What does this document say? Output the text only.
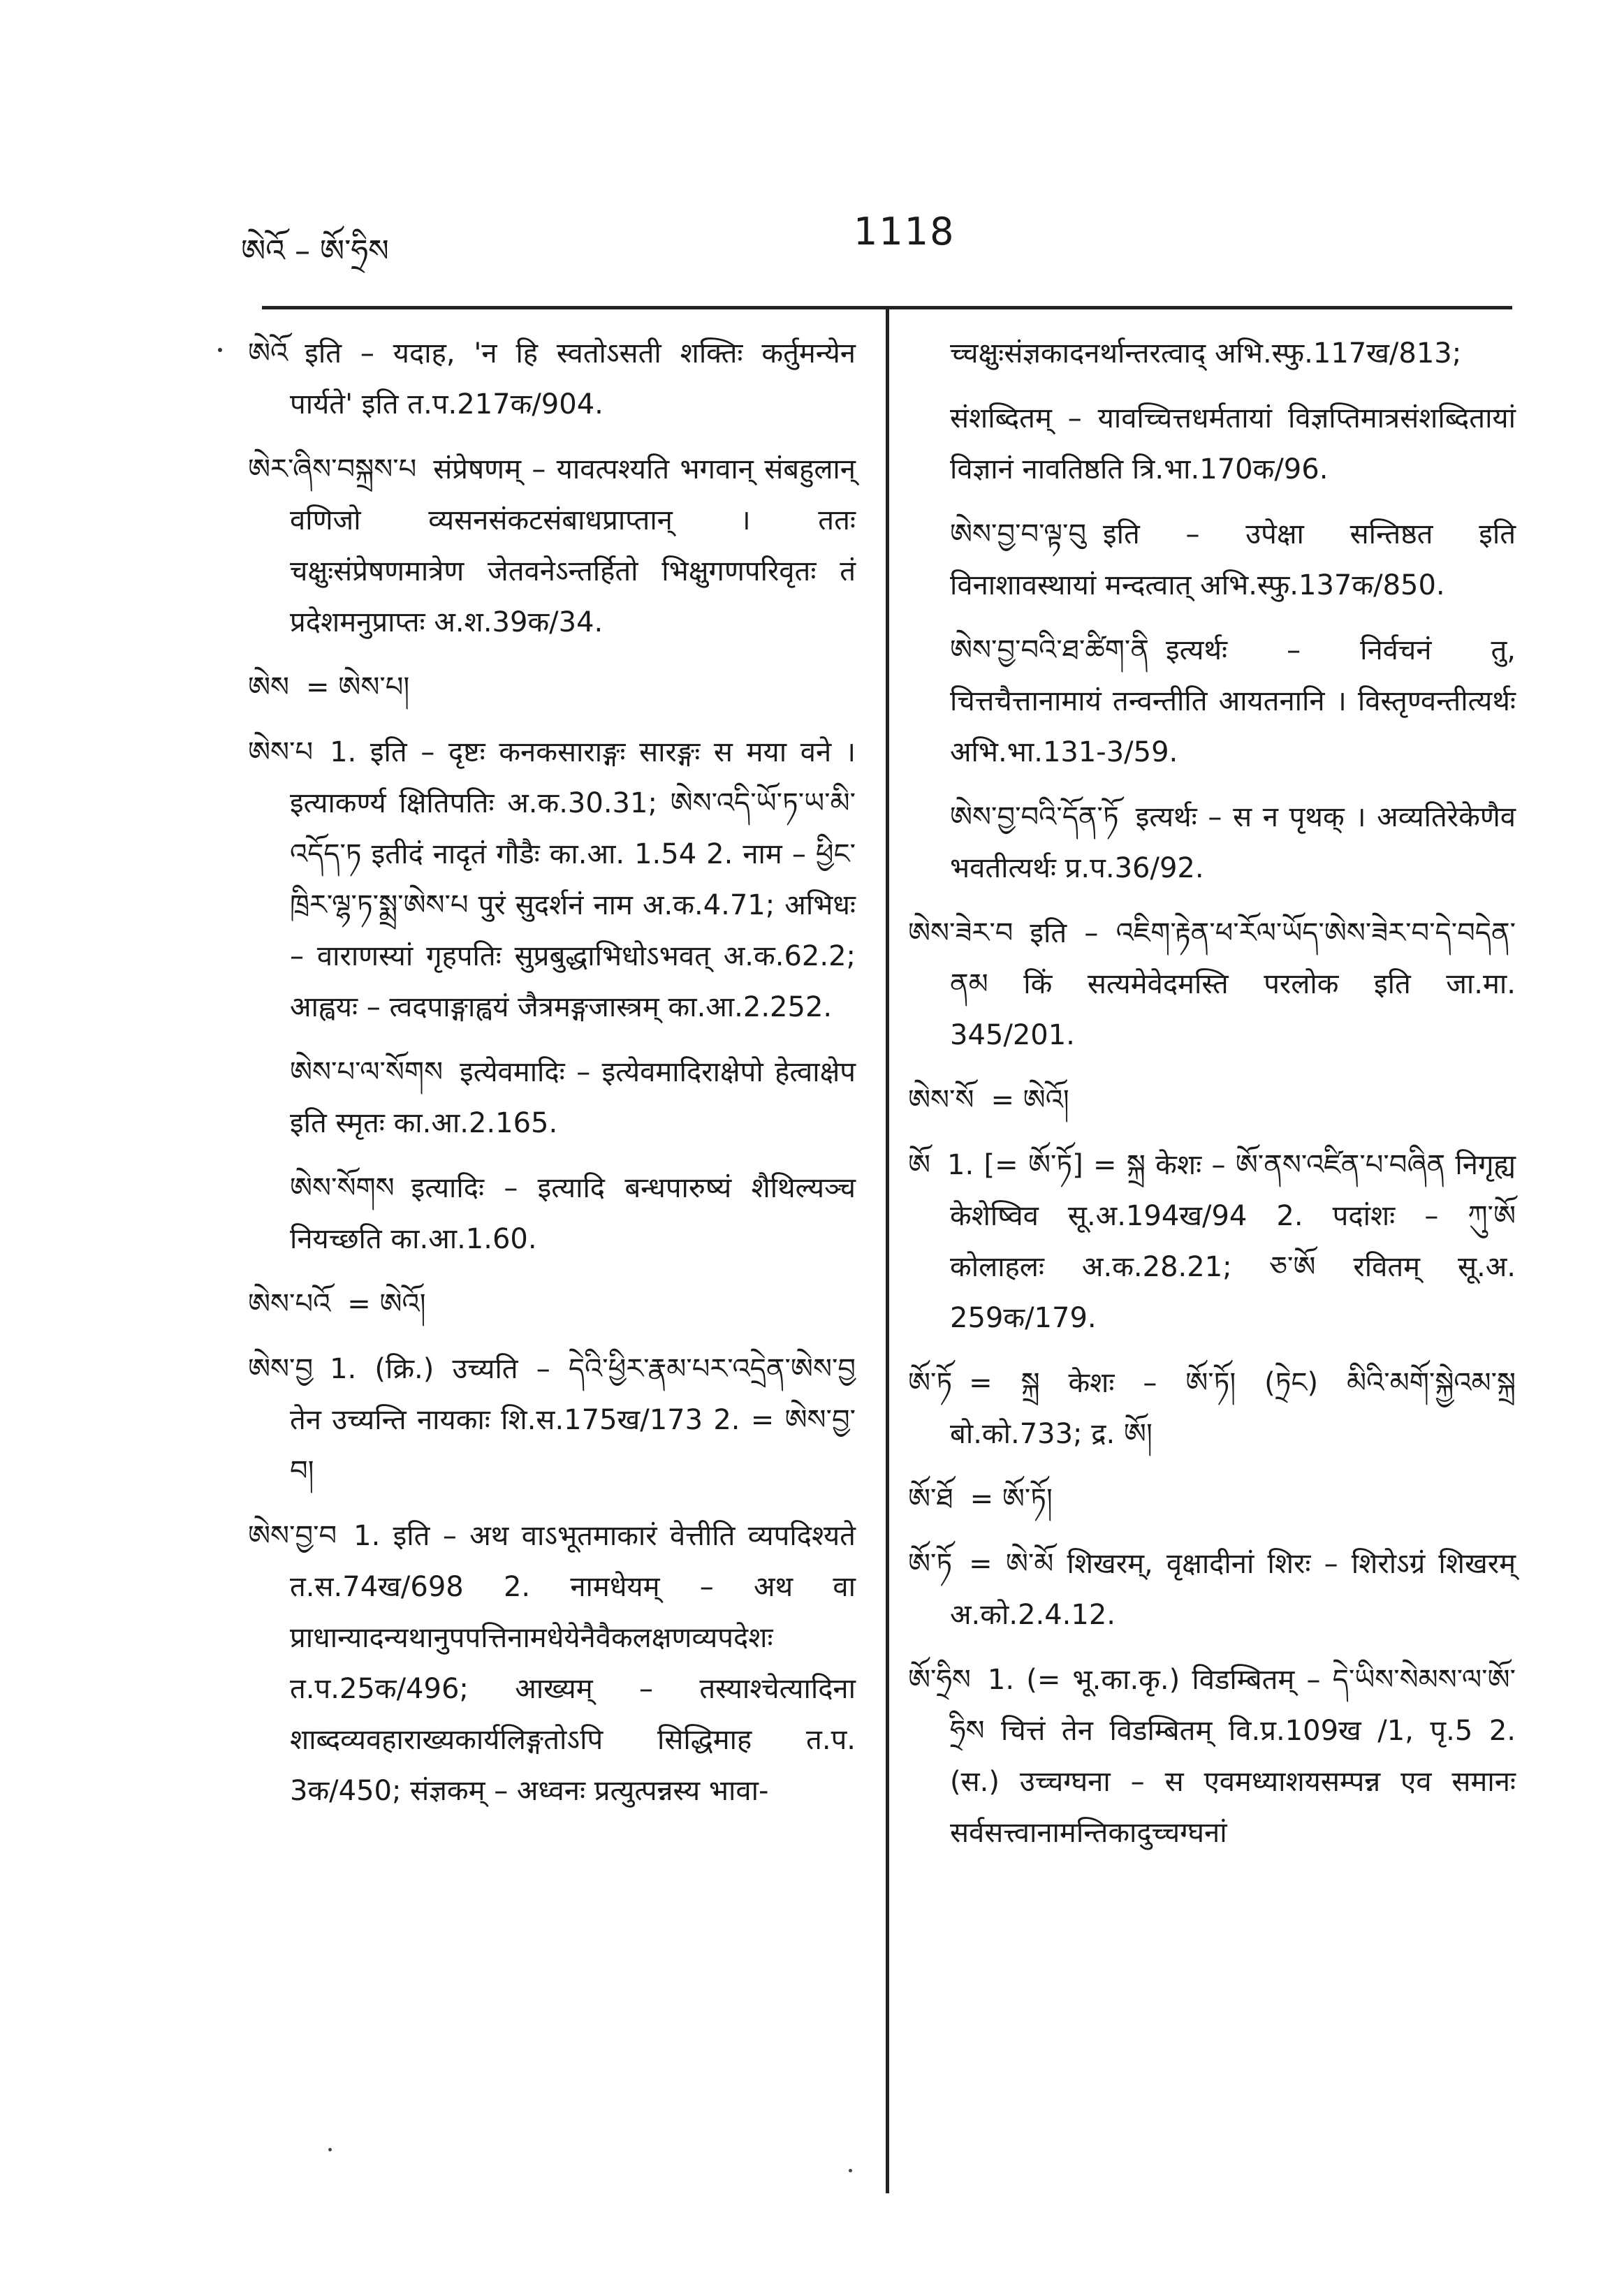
ཨེའོ – ཨོ་ཧྲིས	1118
ཨེའོ इति – यदाह, 'न हि स्वतोऽसती शक्तिः कर्तुमन्येन पार्यते' इति त.प.217क/904.
ཨེར་ཞིས་བསྐྲས་པ संप्रेषणम् – यावत्पश्यति भगवान् संबहुलान् वणिजो व्यसनसंकटसंबाधप्राप्तान् । ततः चक्षुःसंप्रेषणमात्रेण जेतवनेऽन्तर्हितो भिक्षुगणपरिवृतः तं प्रदेशमनुप्राप्तः अ.श.39क/34.
ཨེས = ཨེས་པ།
ཨེས་པ 1. इति – दृष्टः कनकसाराङ्गः सारङ्गः स मया वने । इत्याकर्ण्य क्षितिपतिः अ.क.30.31; ཨེས་འདི་ཡོ་ཏ་ཡ་མི་འདོད་ཏ इतीदं नादृतं गौडैः का.आ. 1.54 2. नाम – ཕྱིང་ཁྲིར་ལྷ་ཏ་སྨྲ་ཨེས་པ पुरं सुदर्शनं नाम अ.क.4.71; अभिधः – वाराणस्यां गृहपतिः सुप्रबुद्धाभिधोऽभवत् अ.क.62.2; आह्वयः – त्वदपाङ्गाह्वयं जैत्रमङ्गजास्त्रम् का.आ.2.252.
ཨེས་པ་ལ་སོགས इत्येवमादिः – इत्येवमादिराक्षेपो हेत्वाक्षेप इति स्मृतः का.आ.2.165.
ཨེས་སོགས इत्यादिः – इत्यादि बन्धपारुष्यं शैथिल्यञ्च नियच्छति का.आ.1.60.
ཨེས་པའོ = ཨེའོ།
ཨེས་བྱ 1. (क्रि.) उच्यति – དེའི་ཕྱིར་རྣམ་པར་འདྲེན་ཨེས་བྱ तेन उच्यन्ति नायकाः शि.स.175ख/173 2. = ཨེས་བྱ་བ།
ཨེས་བྱ་བ 1. इति – अथ वाऽभूतमाकारं वेत्तीति व्यपदिश्यते त.स.74ख/698 2. नामधेयम् – अथ वा प्राधान्यादन्यथानुपपत्तिनामधेयेनैवैकलक्षणव्यपदेशः त.प.25क/496; आख्यम् – तस्याश्चेत्यादिना शाब्दव्यवहाराख्यकार्यलिङ्गतोऽपि सिद्धिमाह त.प. 3क/450; संज्ञकम् – अध्वनः प्रत्युत्पन्नस्य भावा-
च्चक्षुःसंज्ञकादनर्थान्तरत्वाद् अभि.स्फु.117ख/813;
संशब्दितम् – यावच्चित्तधर्मतायां विज्ञप्तिमात्रसंशब्दितायां विज्ञानं नावतिष्ठति त्रि.भा.170क/96.
ཨེས་བྱ་བ་ལྟ་བུ इति – उपेक्षा सन्तिष्ठत इति विनाशावस्थायां मन्दत्वात् अभि.स्फु.137क/850.
ཨེས་བྱ་བའི་ཐ་ཚིག་ནི इत्यर्थः – निर्वचनं तु, चित्तचैत्तानामायं तन्वन्तीति आयतनानि । विस्तृण्वन्तीत्यर्थः अभि.भा.131-3/59.
ཨེས་བྱ་བའི་དོན་ཏོ इत्यर्थः – स न पृथक् । अव्यतिरेकेणैव भवतीत्यर्थः प्र.प.36/92.
ཨེས་ཟེར་བ इति – འཇིག་རྟེན་ཕ་རོལ་ཡོད་ཨེས་ཟེར་བ་དེ་བདེན་ནམ किं सत्यमेवेदमस्ति परलोक इति जा.मा. 345/201.
ཨེས་སོ = ཨེའོ།
ཨོ 1. [= ཨོ་ཏོ] = སྐྲ केशः – ཨོ་ནས་འཛིན་པ་བཞིན निगृह्य केशेष्विव सू.अ.194ख/94 2. पदांशः – ཀུ་ཨོ कोलाहलः अ.क.28.21; ཅ་ཨོ रवितम् सू.अ. 259क/179.
ཨོ་ཏོ = སྐྲ केशः – ཨོ་ཏོ། (ཏྲེང) མིའི་མགོ་སྐྱེའམ་སྐྲ बो.को.733; द्र. ཨོ།
ཨོ་ཐོ = ཨོ་ཏོ།
ཨོ་ཏོ = ཨེ་མོ शिखरम्, वृक्षादीनां शिरः – शिरोऽग्रं शिखरम् अ.को.2.4.12.
ཨོ་ཧྲིས 1. (= भू.का.कृ.) विडम्बितम् – དེ་ཡིས་སེམས་ལ་ཨོ་ཧྲིས चित्तं तेन विडम्बितम् वि.प्र.109ख /1, पृ.5 2. (स.) उच्चग्घना – स एवमध्याशयसम्पन्न एव समानः सर्वसत्त्वानामन्तिकादुच्चग्घनां
